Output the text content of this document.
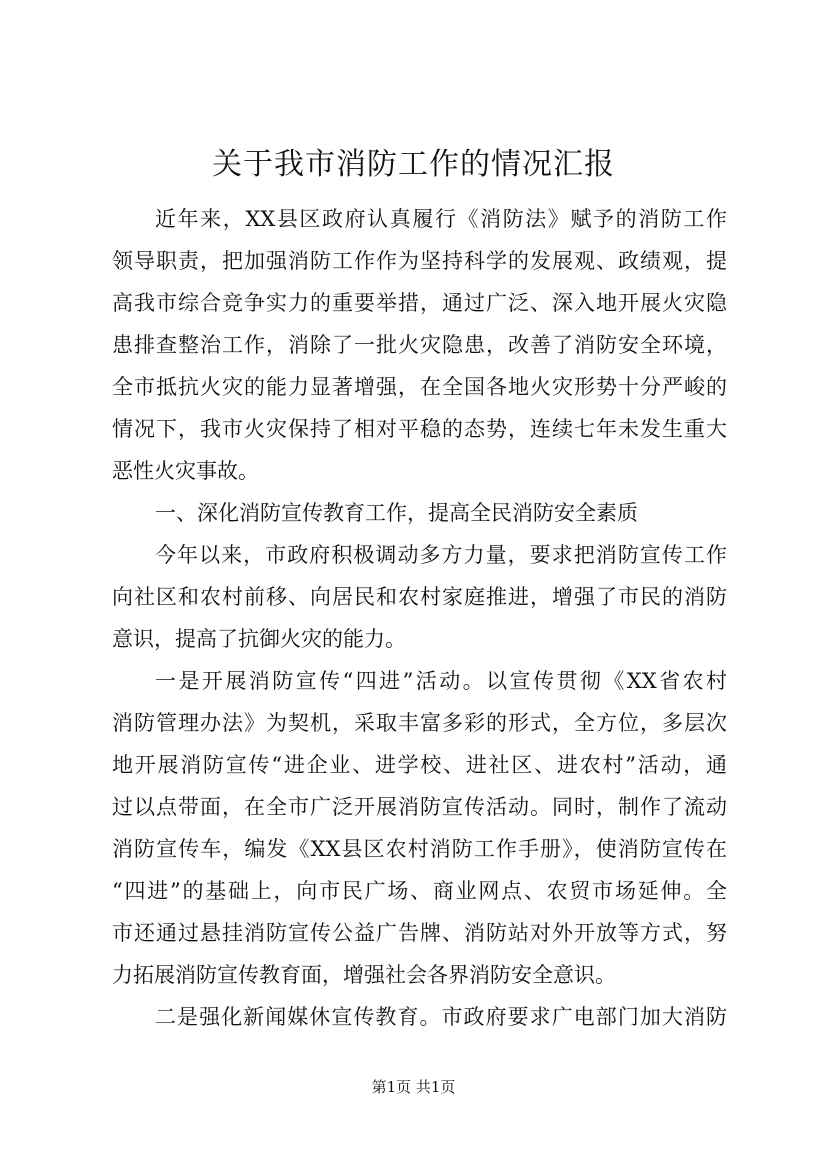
关于我市消防工作的情况汇报
近年来，XX县区政府认真履行《消防法》赋予的消防工作
领导职责，把加强消防工作作为坚持科学的发展观、政绩观，提
高我市综合竞争实力的重要举措，通过广泛、深入地开展火灾隐
患排查整治工作，消除了一批火灾隐患，改善了消防安全环境，
全市抵抗火灾的能力显著增强，在全国各地火灾形势十分严峻的
情况下，我市火灾保持了相对平稳的态势，连续七年未发生重大
恶性火灾事故。
一、深化消防宣传教育工作，提高全民消防安全素质
今年以来，市政府积极调动多方力量，要求把消防宣传工作
向社区和农村前移、向居民和农村家庭推进，增强了市民的消防
意识，提高了抗御火灾的能力。
一是开展消防宣传“四进”活动。以宣传贯彻《XX省农村
消防管理办法》为契机，采取丰富多彩的形式，全方位，多层次
地开展消防宣传“进企业、进学校、进社区、进农村”活动，通
过以点带面，在全市广泛开展消防宣传活动。同时，制作了流动
消防宣传车，编发《XX县区农村消防工作手册》，使消防宣传在
“四进”的基础上，向市民广场、商业网点、农贸市场延伸。全
市还通过悬挂消防宣传公益广告牌、消防站对外开放等方式，努
力拓展消防宣传教育面，增强社会各界消防安全意识。
二是强化新闻媒休宣传教育。市政府要求广电部门加大消防
第1页 共1页
